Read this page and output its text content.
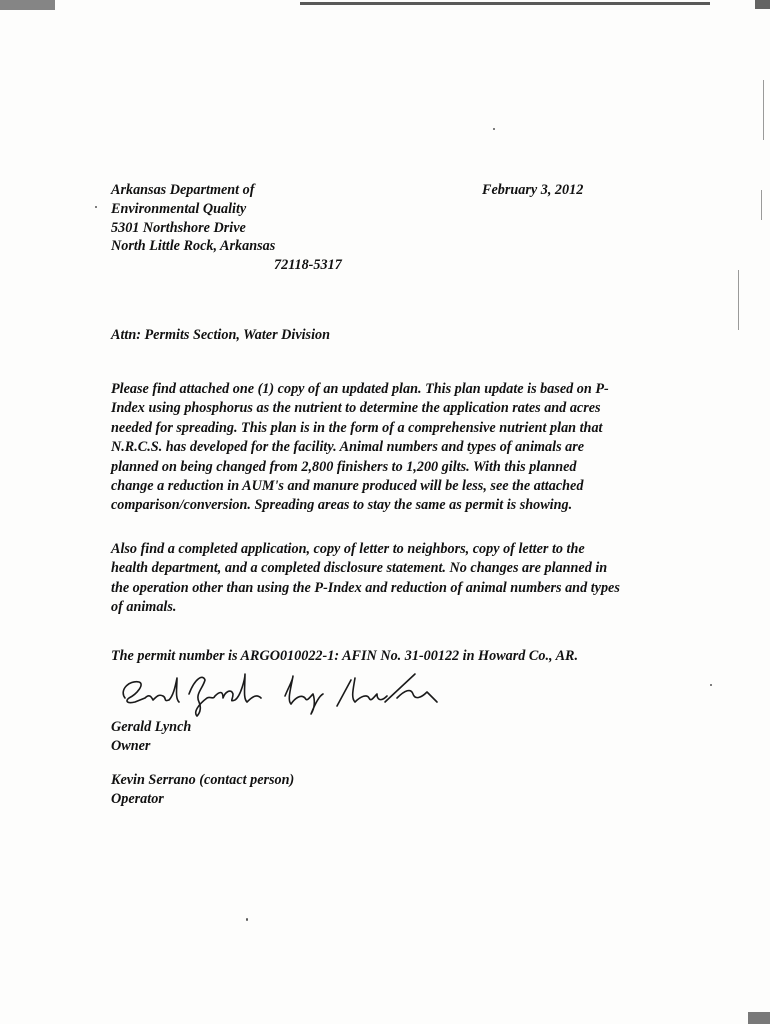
Arkansas Department of
Environmental Quality
5301 Northshore Drive
North Little Rock, Arkansas
72118-5317
February 3, 2012
Attn: Permits Section, Water Division
Please find attached one (1) copy of an updated plan. This plan update is based on P-
Index using phosphorus as the nutrient to determine the application rates and acres
needed for spreading. This plan is in the form of a comprehensive nutrient plan that
N.R.C.S. has developed for the facility. Animal numbers and types of animals are
planned on being changed from 2,800 finishers to 1,200 gilts. With this planned
change a reduction in AUM's and manure produced will be less, see the attached
comparison/conversion. Spreading areas to stay the same as permit is showing.
Also find a completed application, copy of letter to neighbors, copy of letter to the
health department, and a completed disclosure statement. No changes are planned in
the operation other than using the P-Index and reduction of animal numbers and types
of animals.
The permit number is ARGO010022-1: AFIN No. 31-00122 in Howard Co., AR.
Gerald Lynch
Owner
Kevin Serrano (contact person)
Operator
